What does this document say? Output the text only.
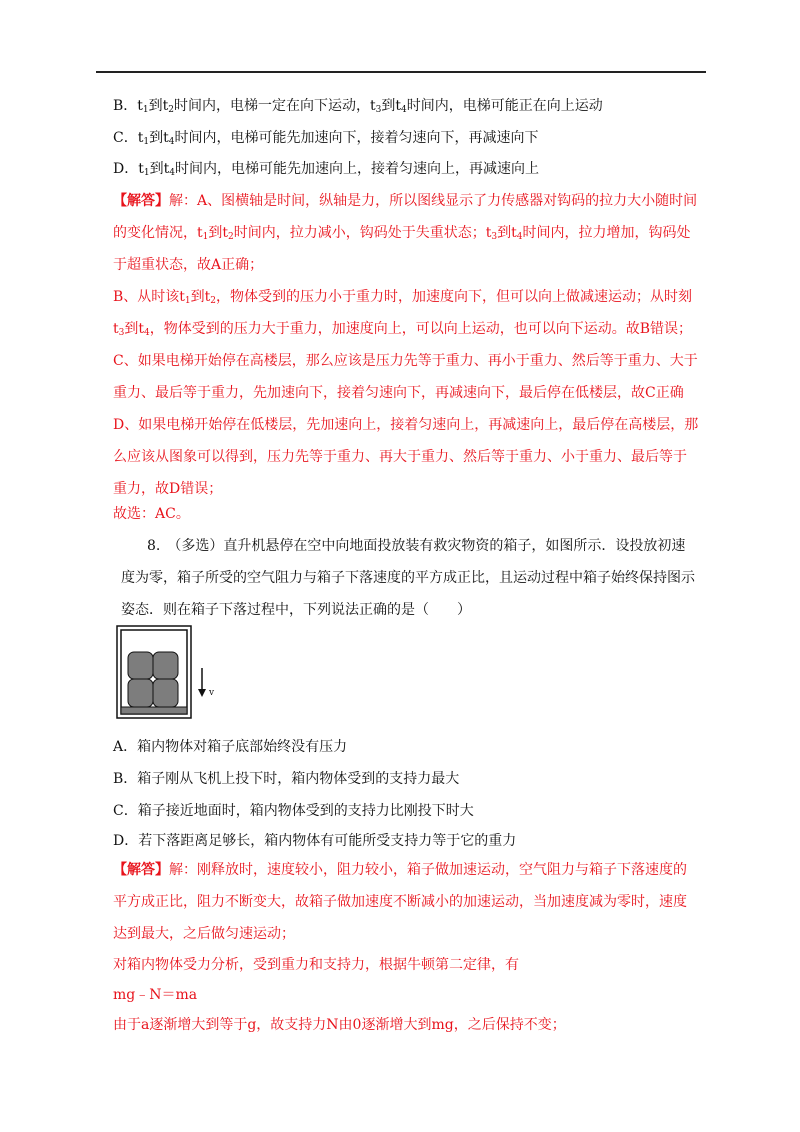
B．$t_1$到$t_2$时间内，电梯一定在向下运动，$t_3$到$t_4$时间内，电梯可能正在向上运动
C．$t_1$到$t_4$时间内，电梯可能先加速向下，接着匀速向下，再减速向下
D．$t_1$到$t_4$时间内，电梯可能先加速向上，接着匀速向上，再减速向上
【解答】解：A、图横轴是时间，纵轴是力，所以图线显示了力传感器对钩码的拉力大小随时间
的变化情况，$t_1$到$t_2$时间内，拉力减小，钩码处于失重状态；$t_3$到$t_4$时间内，拉力增加，钩码处
于超重状态，故A正确；
B、从时该$t_1$到$t_2$，物体受到的压力小于重力时，加速度向下，但可以向上做减速运动；从时刻
$t_3$到$t_4$，物体受到的压力大于重力，加速度向上，可以向上运动，也可以向下运动。故B错误；
C、如果电梯开始停在高楼层，那么应该是压力先等于重力、再小于重力、然后等于重力、大于
重力、最后等于重力，先加速向下，接着匀速向下，再减速向下，最后停在低楼层，故C正确
D、如果电梯开始停在低楼层，先加速向上，接着匀速向上，再减速向上，最后停在高楼层，那
么应该从图象可以得到，压力先等于重力、再大于重力、然后等于重力、小于重力、最后等于
重力，故D错误；
故选：AC。
8.　（多选）直升机悬停在空中向地面投放装有救灾物资的箱子，如图所示．设投放初速
度为零，箱子所受的空气阻力与箱子下落速度的平方成正比，且运动过程中箱子始终保持图示
姿态．则在箱子下落过程中，下列说法正确的是（　　）
v
A．箱内物体对箱子底部始终没有压力
B．箱子刚从飞机上投下时，箱内物体受到的支持力最大
C．箱子接近地面时，箱内物体受到的支持力比刚投下时大
D．若下落距离足够长，箱内物体有可能所受支持力等于它的重力
【解答】解：刚释放时，速度较小，阻力较小，箱子做加速运动，空气阻力与箱子下落速度的
平方成正比，阻力不断变大，故箱子做加速度不断减小的加速运动，当加速度减为零时，速度
达到最大，之后做匀速运动；
对箱内物体受力分析，受到重力和支持力，根据牛顿第二定律，有
mg﹣N＝ma
由于a逐渐增大到等于g，故支持力N由0逐渐增大到mg，之后保持不变；
